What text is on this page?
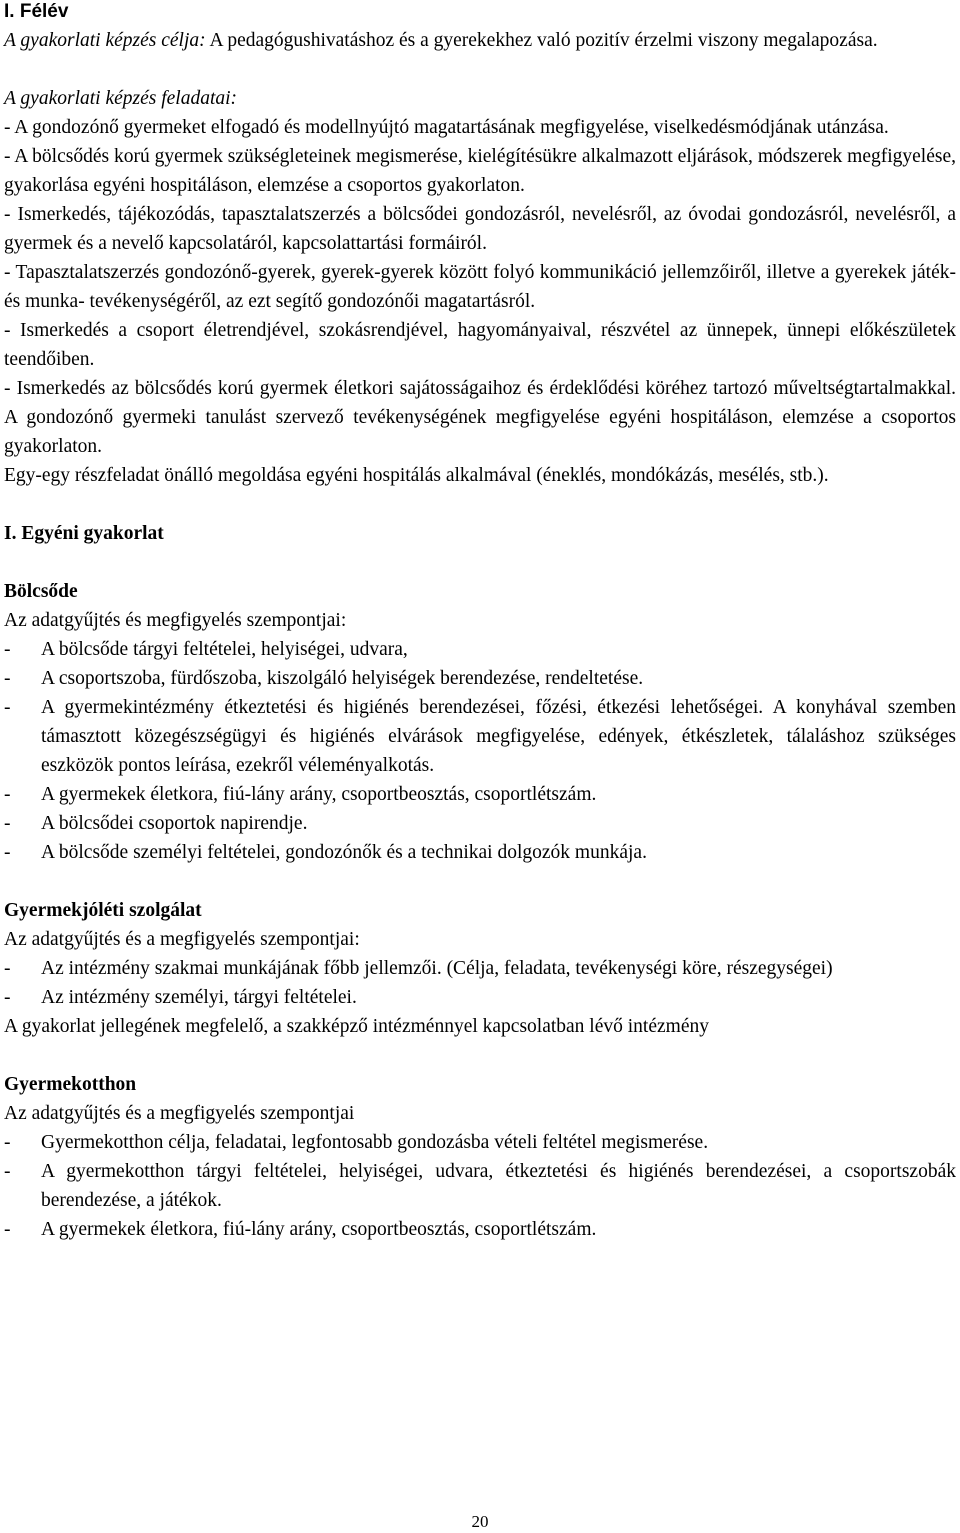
I. Félév

A gyakorlati képzés célja: A pedagógushivatáshoz és a gyerekekhez való pozitív érzelmi viszony megalapozása.

A gyakorlati képzés feladatai:

- A gondozónő gyermeket elfogadó és modellnyújtó magatartásának megfigyelése, viselkedésmódjának utánzása.

- A bölcsődés korú gyermek szükségleteinek megismerése, kielégítésükre alkalmazott eljárások, módszerek megfigyelése, gyakorlása egyéni hospitáláson, elemzése a csoportos gyakorlaton.

- Ismerkedés, tájékozódás, tapasztalatszerzés a bölcsődei gondozásról, nevelésről, az óvodai gondozásról, nevelésről, a gyermek és a nevelő kapcsolatáról, kapcsolattartási formáiról.

- Tapasztalatszerzés gondozónő-gyerek, gyerek-gyerek között folyó kommunikáció jellemzőiről, illetve a gyerekek játék- és munka- tevékenységéről, az ezt segítő gondozónői magatartásról.

- Ismerkedés a csoport életrendjével, szokásrendjével, hagyományaival, részvétel az ünnepek, ünnepi előkészületek teendőiben.

- Ismerkedés az bölcsődés korú gyermek életkori sajátosságaihoz és érdeklődési köréhez tartozó műveltségtartalmakkal. A gondozónő gyermeki tanulást szervező tevékenységének megfigyelése egyéni hospitáláson, elemzése a csoportos gyakorlaton.

Egy-egy részfeladat önálló megoldása egyéni hospitálás alkalmával (éneklés, mondókázás, mesélés, stb.).

I. Egyéni gyakorlat

Bölcsőde

Az adatgyűjtés és megfigyelés szempontjai:

- A bölcsőde tárgyi feltételei, helyiségei, udvara,
- A csoportszoba, fürdőszoba, kiszolgáló helyiségek berendezése, rendeltetése.
- A gyermekintézmény étkeztetési és higiénés berendezései, főzési, étkezési lehetőségei. A konyhával szemben támasztott közegészségügyi és higiénés elvárások megfigyelése, edények, étkészletek, tálaláshoz szükséges eszközök pontos leírása, ezekről véleményalkotás.
- A gyermekek életkora, fiú-lány arány, csoportbeosztás, csoportlétszám.
- A bölcsődei csoportok napirendje.
- A bölcsőde személyi feltételei, gondozónők és a technikai dolgozók munkája.

Gyermekjóléti szolgálat

Az adatgyűjtés és a megfigyelés szempontjai:

- Az intézmény szakmai munkájának főbb jellemzői. (Célja, feladata, tevékenységi köre, részegységei)
- Az intézmény személyi, tárgyi feltételei.

A gyakorlat jellegének megfelelő, a szakképző intézménnyel kapcsolatban lévő intézmény

Gyermekotthon

Az adatgyűjtés és a megfigyelés szempontjai

- Gyermekotthon célja, feladatai, legfontosabb gondozásba vételi feltétel megismerése.
- A gyermekotthon tárgyi feltételei, helyiségei, udvara, étkeztetési és higiénés berendezései, a csoportszobák berendezése, a játékok.
- A gyermekek életkora, fiú-lány arány, csoportbeosztás, csoportlétszám.
20
